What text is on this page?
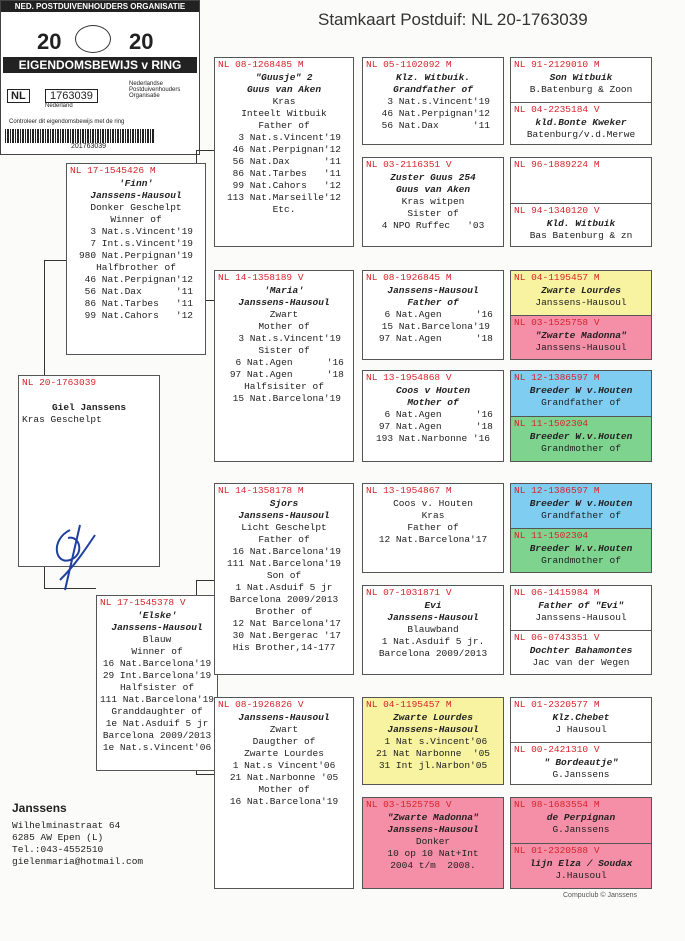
NED. POSTDUIVENHOUDERS ORGANISATIE
20	20
EIGENDOMSBEWIJS v RING
NL	1763039
Nederland
Nederlandse Postduivenhouders Organisatie
Controleer dit eigendomsbewijs met de ring
201763039
Stamkaart Postduif: NL 20-1763039
NL 20-1763039
Giel Janssens
Kras Geschelpt
NL 17-1545426 M
'Finn'
Janssens-Hausoul
Donker Geschelpt
Winner of
3 Nat.s.Vincent'19
7 Int.s.Vincent'19
980 Nat.Perpignan'19
Halfbrother of
46 Nat.Perpignan'12
56 Nat.Dax      '11
86 Nat.Tarbes   '11
99 Nat.Cahors   '12
NL 17-1545378 V
'Elske'
Janssens-Hausoul
Blauw
Winner of
16 Nat.Barcelona'19
29 Int.Barcelona'19
Halfsister of
111 Nat.Barcelona'19
Granddaughter of
1e Nat.Asduif 5 jr
Barcelona 2009/2013
1e Nat.s.Vincent'06
NL 08-1268485 M
"Guusje" 2
Guus van Aken
Kras
Inteelt Witbuik
Father of
3 Nat.s.Vincent'19
46 Nat.Perpignan'12
56 Nat.Dax      '11
86 Nat.Tarbes   '11
99 Nat.Cahors   '12
113 Nat.Marseille'12
Etc.
NL 14-1358189 V
'Maria'
Janssens-Hausoul
Zwart
Mother of
3 Nat.s.Vincent'19
Sister of
6 Nat.Agen      '16
97 Nat.Agen      '18
Halfsisiter of
15 Nat.Barcelona'19
NL 14-1358178 M
Sjors
Janssens-Hausoul
Licht Geschelpt
Father of
16 Nat.Barcelona'19
111 Nat.Barcelona'19
Son of
1 Nat.Asduif 5 jr
Barcelona 2009/2013
Brother of
12 Nat Barcelona'17
30 Nat.Bergerac '17
His Brother,14-177
NL 08-1926826 V
Janssens-Hausoul
Zwart
Daugther of
Zwarte Lourdes
1 Nat.s Vincent'06
21 Nat.Narbonne '05
Mother of
16 Nat.Barcelona'19
NL 05-1102092 M
Klz. Witbuik.
Grandfather of
3 Nat.s.Vincent'19
46 Nat.Perpignan'12
56 Nat.Dax      '11
NL 03-2116351 V
Zuster Guus 254
Guus van Aken
Kras witpen
Sister of
4 NPO Ruffec   '03
NL 08-1926845 M
Janssens-Hausoul
Father of
6 Nat.Agen      '16
15 Nat.Barcelona'19
97 Nat.Agen      '18
NL 13-1954868 V
Coos v Houten
Mother of
6 Nat.Agen      '16
97 Nat.Agen      '18
193 Nat.Narbonne '16
NL 13-1954867 M
Coos v. Houten
Kras
Father of
12 Nat.Barcelona'17
NL 07-1031871 V
Evi
Janssens-Hausoul
Blauwband
1 Nat.Asduif 5 jr.
Barcelona 2009/2013
NL 04-1195457 M
Zwarte Lourdes
Janssens-Hausoul
1 Nat s.Vincent'06
21 Nat Narbonne  '05
31 Int jl.Narbon'05
NL 03-1525758 V
"Zwarte Madonna"
Janssens-Hausoul
Donker
10 op 10 Nat+Int
2004 t/m  2008.
NL 91-2129010 M
Son Witbuik
B.Batenburg & Zoon
NL 04-2235184 V
kld.Bonte Kweker
Batenburg/v.d.Merwe
NL 96-1889224 M
NL 94-1340120 V
Kld. Witbuik
Bas Batenburg & zn
NL 04-1195457 M
Zwarte Lourdes
Janssens-Hausoul
NL 03-1525758 V
"Zwarte Madonna"
Janssens-Hausoul
NL 12-1386597 M
Breeder W v.Houten
Grandfather of
NL 11-1502304
Breeder W.v.Houten
Grandmother of
NL 12-1386597 M
Breeder W v.Houten
Grandfather of
NL 11-1502304
Breeder W.v.Houten
Grandmother of
NL 06-1415984 M
Father of "Evi"
Janssens-Hausoul
NL 06-0743351 V
Dochter Bahamontes
Jac van der Wegen
NL 01-2320577 M
Klz.Chebet
J Hausoul
NL 00-2421310 V
" Bordeautje"
G.Janssens
NL 98-1683554 M
de Perpignan
G.Janssens
NL 01-2320588 V
lijn Elza / Soudax
J.Hausoul
Janssens
Wilhelminastraat 64
6285 AW Epen (L)
Tel.:043-4552510
gielenmaria@hotmail.com
Compuclub © Janssens
